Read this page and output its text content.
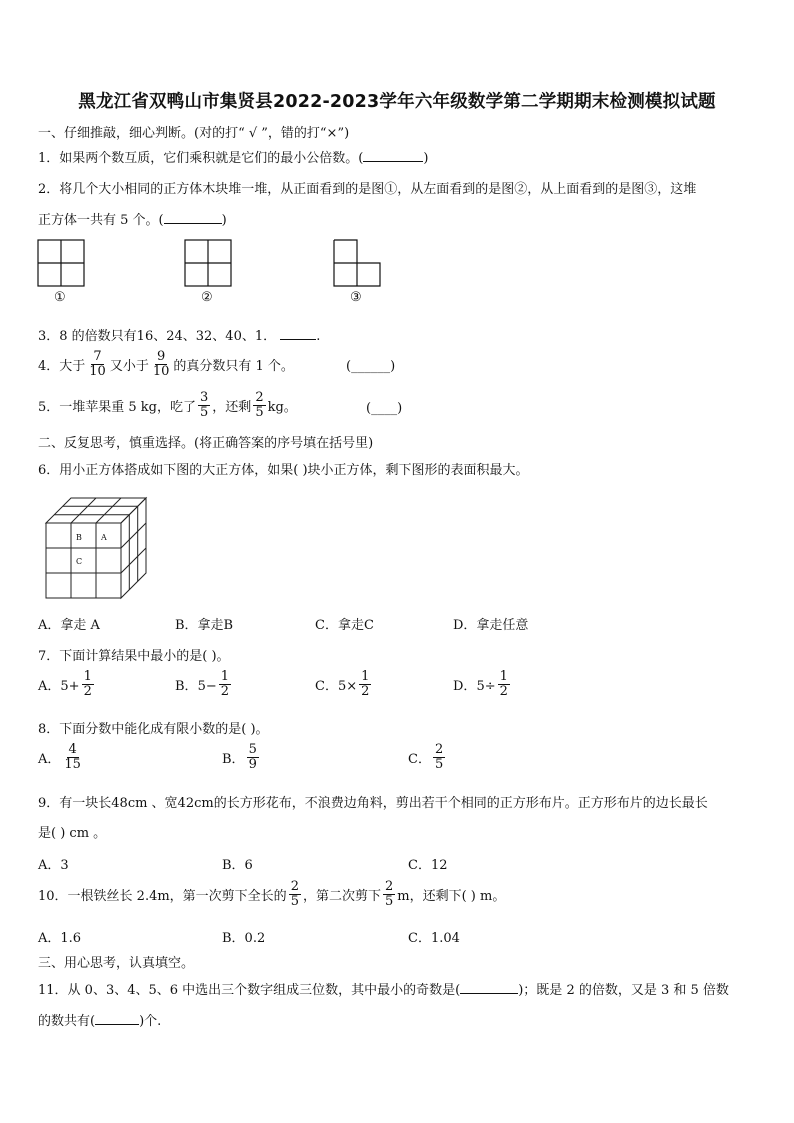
黑龙江省双鸭山市集贤县2022-2023学年六年级数学第二学期期末检测模拟试题
一、仔细推敲，细心判断。(对的打“ √ ”，错的打“×”)
1．如果两个数互质，它们乘积就是它们的最小公倍数。(	)
2．将几个大小相同的正方体木块堆一堆，从正面看到的是图①，从左面看到的是图②，从上面看到的是图③，这堆
正方体一共有 5 个。(	)
①	②	③
3．8 的倍数只有16、24、32、40、1．	.
4．大于 $\frac{7}{10}$ 又小于 $\frac{9}{10}$ 的真分数只有 1 个。	(______)
5．一堆苹果重 5 kg，吃了 $\frac{3}{5}$ ，还剩 $\frac{2}{5}$ kg。	(____)
二、反复思考，慎重选择。(将正确答案的序号填在括号里)
6．用小正方体搭成如下图的大正方体，如果( )块小正方体，剩下图形的表面积最大。
B A
C
A．拿走 A	B．拿走B	C．拿走C	D．拿走任意
7．下面计算结果中最小的是( )。
A．$5+ \frac{1}{2}$	B．$5- \frac{1}{2}$	C．$5\times \frac{1}{2}$	D．$5\div \frac{1}{2}$
8．下面分数中能化成有限小数的是( )。
A． $\frac{4}{15}$	B． $\frac{5}{9}$	C． $\frac{2}{5}$
9．有一块长48cm 、宽42cm的长方形花布，不浪费边角料，剪出若干个相同的正方形布片。正方形布片的边长最长
是( ) cm 。
A．3	B．6	C．12
10．一根铁丝长 2.4m，第一次剪下全长的 $\frac{2}{5}$ ，第二次剪下 $\frac{2}{5}$ m，还剩下( ) m。
A．1.6	B．0.2	C．1.04
三、用心思考，认真填空。
11．从 0、3、4、5、6 中选出三个数字组成三位数，其中最小的奇数是(	)；既是 2 的倍数，又是 3 和 5 倍数
的数共有(	)个.
